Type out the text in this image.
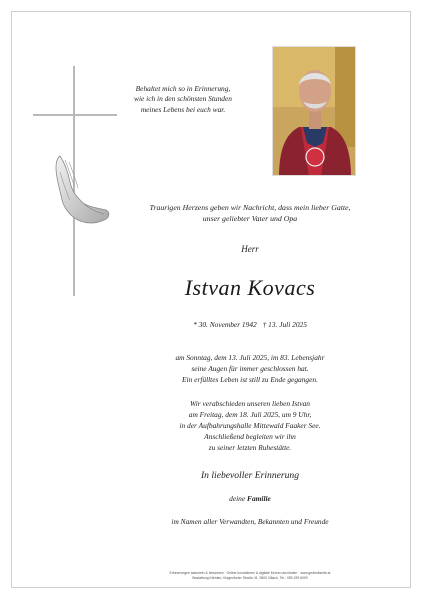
Behaltet mich so in Erinnerung,
wie ich in den schönsten Stunden
meines Lebens bei euch war.
Traurigen Herzens geben wir Nachricht, dass mein lieber Gatte,
unser geliebter Vater und Opa
Herr
Istvan Kovacs
* 30. November 1942 † 13. Juli 2025
am Sonntag, dem 13. Juli 2025, im 83. Lebensjahr
seine Augen für immer geschlossen hat.
Ein erfülltes Leben ist still zu Ende gegangen.
Wir verabschieden unseren lieben Istvan
am Freitag, dem 18. Juli 2025, um 9 Uhr,
in der Aufbahrungshalle Mittewald Faaker See.
Anschließend begleiten wir ihn
zu seiner letzten Ruhestätte.
In liebevoller Erinnerung
deine Familie
im Namen aller Verwandten, Bekannten und Freunde
Erinnerungen sammeln & bewahren · Online kondolieren & digitale Kerzen anzünden · www.gedenkseite.at
Bestattung Kärnten, Klagenfurter Straße 41, 9500 Villach, Tel.: 059 199 6009
